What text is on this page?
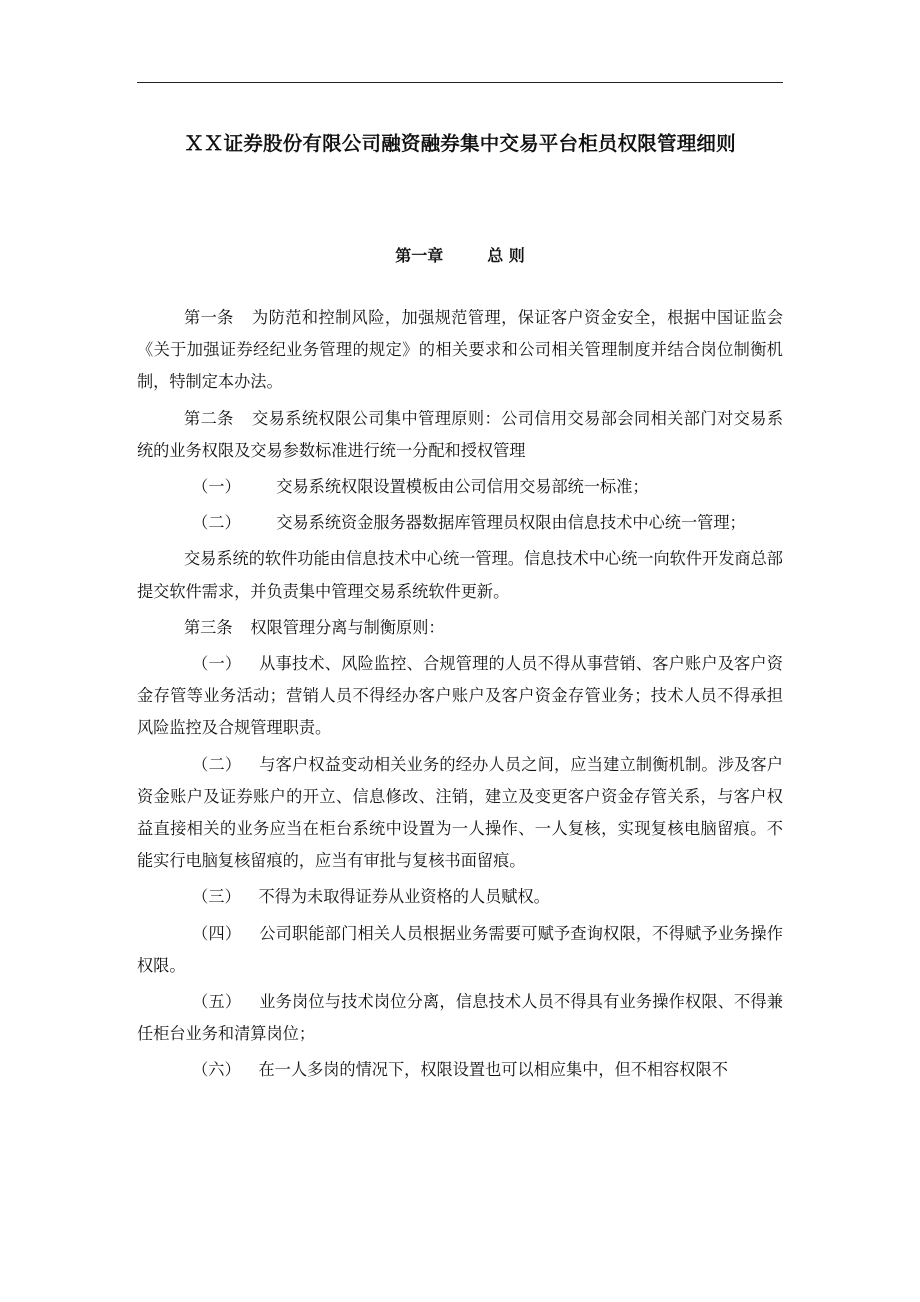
ＸＸ证券股份有限公司融资融券集中交易平台柜员权限管理细则
第一章	总 则

第一条 为防范和控制风险，加强规范管理，保证客户资金安全，根据中国证监会《关于加强证券经纪业务管理的规定》的相关要求和公司相关管理制度并结合岗位制衡机制，特制定本办法。

第二条 交易系统权限公司集中管理原则：公司信用交易部会同相关部门对交易系统的业务权限及交易参数标准进行统一分配和授权管理

（一） 交易系统权限设置模板由公司信用交易部统一标准；

（二） 交易系统资金服务器数据库管理员权限由信息技术中心统一管理；

交易系统的软件功能由信息技术中心统一管理。信息技术中心统一向软件开发商总部提交软件需求，并负责集中管理交易系统软件更新。

第三条 权限管理分离与制衡原则：

（一） 从事技术、风险监控、合规管理的人员不得从事营销、客户账户及客户资金存管等业务活动；营销人员不得经办客户账户及客户资金存管业务；技术人员不得承担风险监控及合规管理职责。

（二） 与客户权益变动相关业务的经办人员之间，应当建立制衡机制。涉及客户资金账户及证券账户的开立、信息修改、注销，建立及变更客户资金存管关系，与客户权益直接相关的业务应当在柜台系统中设置为一人操作、一人复核，实现复核电脑留痕。不能实行电脑复核留痕的，应当有审批与复核书面留痕。

（三） 不得为未取得证券从业资格的人员赋权。

（四） 公司职能部门相关人员根据业务需要可赋予查询权限，不得赋予业务操作权限。

（五） 业务岗位与技术岗位分离，信息技术人员不得具有业务操作权限、不得兼任柜台业务和清算岗位；

（六） 在一人多岗的情况下，权限设置也可以相应集中，但不相容权限不
